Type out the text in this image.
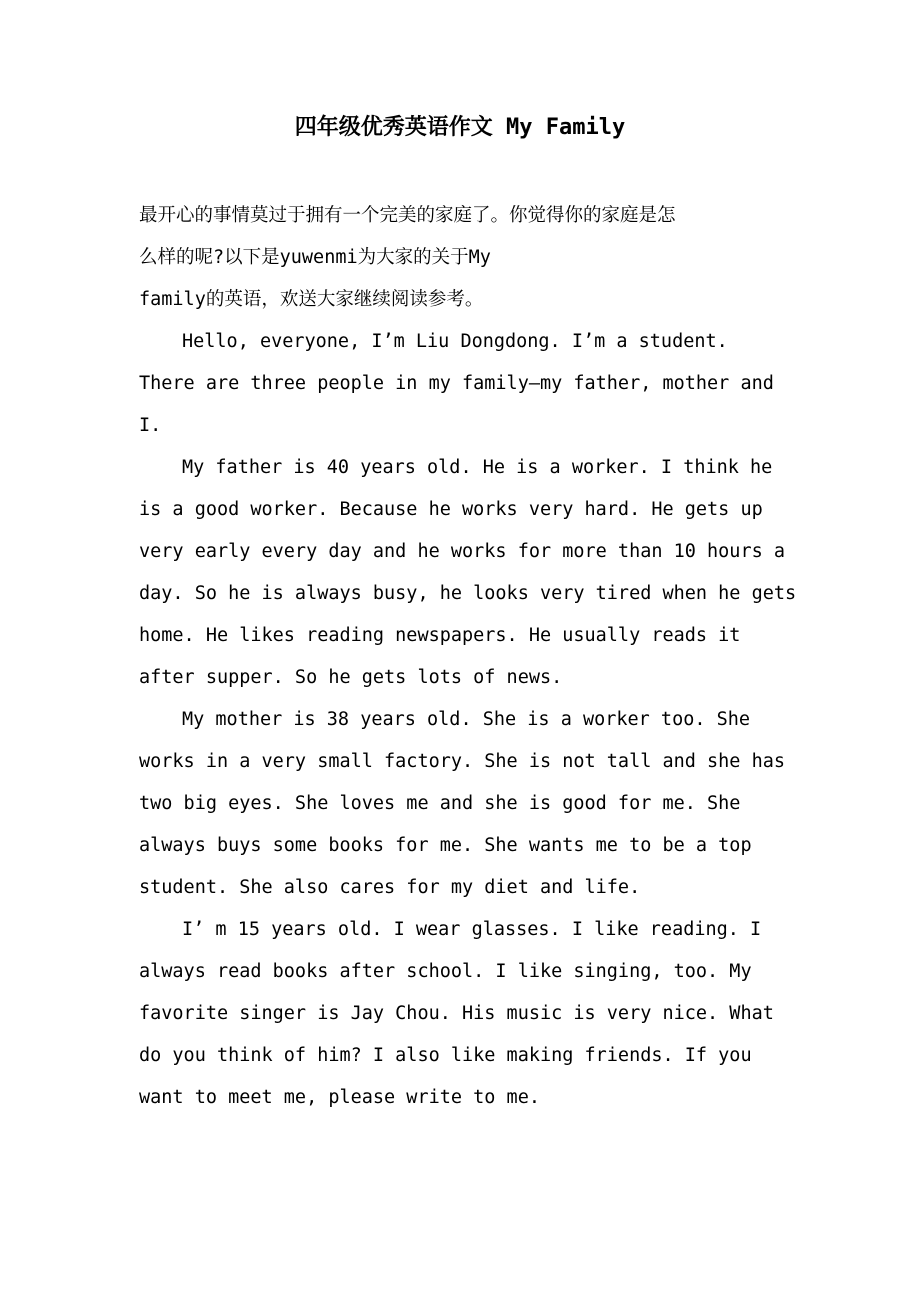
四年级优秀英语作文 My Family

最开心的事情莫过于拥有一个完美的家庭了。你觉得你的家庭是怎

么样的呢?以下是yuwenmi为大家的关于My

family的英语，欢送大家继续阅读参考。

Hello, everyone, I’m Liu Dongdong. I’m a student.

There are three people in my family—my father, mother and

I.

My father is 40 years old. He is a worker. I think he

is a good worker. Because he works very hard. He gets up

very early every day and he works for more than 10 hours a

day. So he is always busy, he looks very tired when he gets

home. He likes reading newspapers. He usually reads it

after supper. So he gets lots of news.

My mother is 38 years old. She is a worker too. She

works in a very small factory. She is not tall and she has

two big eyes. She loves me and she is good for me. She

always buys some books for me. She wants me to be a top

student. She also cares for my diet and life.

I’ m 15 years old. I wear glasses. I like reading. I

always read books after school. I like singing, too. My

favorite singer is Jay Chou. His music is very nice. What

do you think of him? I also like making friends. If you

want to meet me, please write to me.
